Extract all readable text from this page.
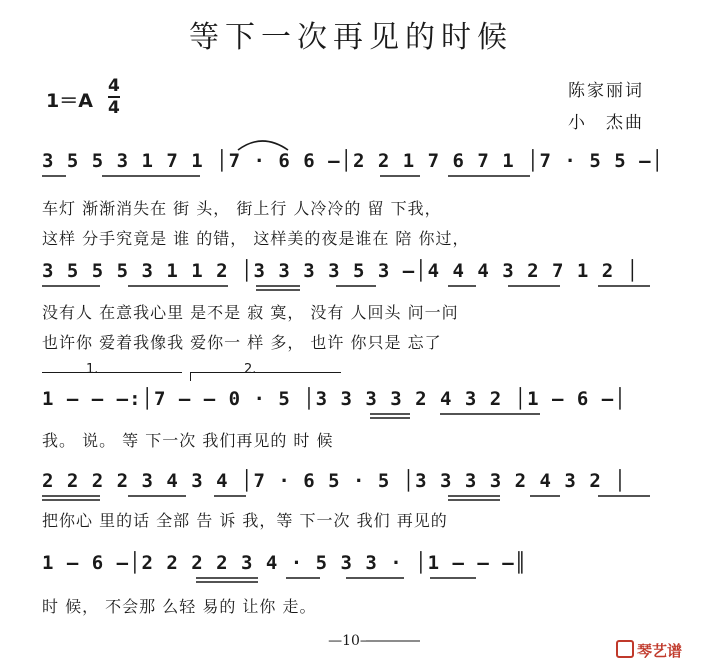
等下一次再见的时候
1＝A
4
4
陈家丽词
小　杰曲
3 5 5 3 1 7 1 │7 · 6 6 —│2 2 1 7 6 7 1 │7 · 5 5 —│
车灯 渐渐消失在 街 头， 街上行 人冷冷的 留 下我，
这样 分手究竟是 谁 的错， 这样美的夜是谁在 陪 你过，
3 5 5 5 3 1 1 2 │3 3 3 3 5 3 —│4 4 4 3 2 7 1 2 │
没有人 在意我心里 是不是 寂 寞， 没有 人回头 问一问
也许你 爱着我像我 爱你一 样 多， 也许 你只是 忘了
1.	2.
1 — — —:│7 — — 0 · 5 │3 3 3 3 2 4 3 2 │1 — 6 —│
我。 说。 等 下一次 我们再见的 时 候
2 2 2 2 3 4 3 4 │7 · 6 5 · 5 │3 3 3 3 2 4 3 2 │
把你心 里的话 全部 告 诉 我，等 下一次 我们 再见的
1 — 6 —│2 2 2 2 3 4 · 5 3 3 · │1 — — —║
时 候， 不会那 么轻 易的 让你 走。
—10—
琴艺谱
